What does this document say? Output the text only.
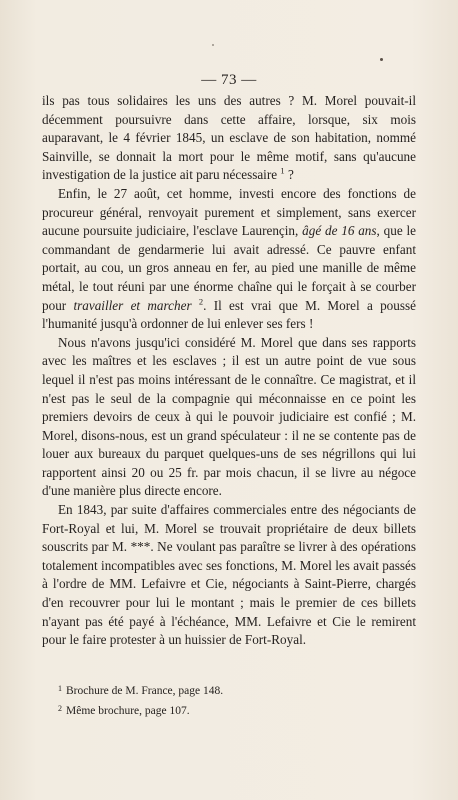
— 73 —

ils pas tous solidaires les uns des autres ? M. Morel pouvait-il décemment poursuivre dans cette affaire, lorsque, six mois auparavant, le 4 février 1845, un esclave de son habitation, nommé Sainville, se donnait la mort pour le même motif, sans qu'aucune investigation de la justice ait paru nécessaire $^1$ ?

Enfin, le 27 août, cet homme, investi encore des fonctions de procureur général, renvoyait purement et simplement, sans exercer aucune poursuite judiciaire, l'esclave Laurençin, âgé de 16 ans, que le commandant de gendarmerie lui avait adressé. Ce pauvre enfant portait, au cou, un gros anneau en fer, au pied une manille de même métal, le tout réuni par une énorme chaîne qui le forçait à se courber pour travailler et marcher $^2$. Il est vrai que M. Morel a poussé l'humanité jusqu'à ordonner de lui enlever ses fers !

Nous n'avons jusqu'ici considéré M. Morel que dans ses rapports avec les maîtres et les esclaves ; il est un autre point de vue sous lequel il n'est pas moins intéressant de le connaître. Ce magistrat, et il n'est pas le seul de la compagnie qui méconnaisse en ce point les premiers devoirs de ceux à qui le pouvoir judiciaire est confié ; M. Morel, disons-nous, est un grand spéculateur : il ne se contente pas de louer aux bureaux du parquet quelques-uns de ses négrillons qui lui rapportent ainsi 20 ou 25 fr. par mois chacun, il se livre au négoce d'une manière plus directe encore.

En 1843, par suite d'affaires commerciales entre des négociants de Fort-Royal et lui, M. Morel se trouvait propriétaire de deux billets souscrits par M. ***. Ne voulant pas paraître se livrer à des opérations totalement incompatibles avec ses fonctions, M. Morel les avait passés à l'ordre de MM. Lefaivre et Cie, négociants à Saint-Pierre, chargés d'en recouvrer pour lui le montant ; mais le premier de ces billets n'ayant pas été payé à l'échéance, MM. Lefaivre et Cie le remirent pour le faire protester à un huissier de Fort-Royal.

$^1$ Brochure de M. France, page 148.
$^2$ Même brochure, page 107.
